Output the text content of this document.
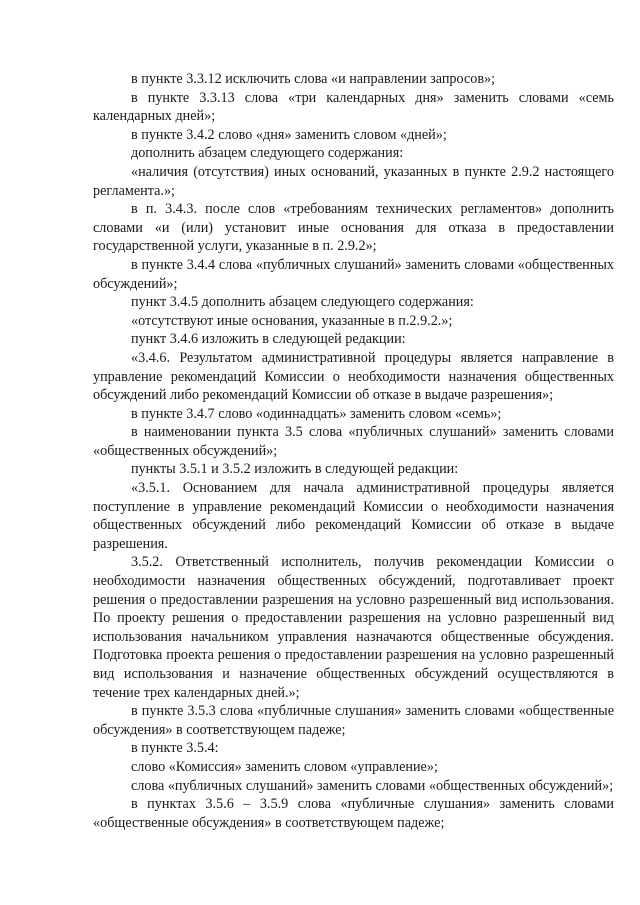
в пункте 3.3.12 исключить слова «и направлении запросов»;

в пункте 3.3.13 слова «три календарных дня» заменить словами «семь календарных дней»;

в пункте 3.4.2 слово «дня» заменить словом «дней»;

дополнить абзацем следующего содержания:

«наличия (отсутствия) иных оснований, указанных в пункте 2.9.2 настоящего регламента.»;

в п. 3.4.3. после слов «требованиям технических регламентов» дополнить словами «и (или) установит иные основания для отказа в предоставлении государственной услуги, указанные в п. 2.9.2»;

в пункте 3.4.4 слова «публичных слушаний» заменить словами «общественных обсуждений»;

пункт 3.4.5 дополнить абзацем следующего содержания:

«отсутствуют иные основания, указанные в п.2.9.2.»;

пункт 3.4.6 изложить в следующей редакции:

«3.4.6. Результатом административной процедуры является направление в управление рекомендаций Комиссии о необходимости назначения общественных обсуждений либо рекомендаций Комиссии об отказе в выдаче разрешения»;

в пункте 3.4.7 слово «одиннадцать» заменить словом «семь»;

в наименовании пункта 3.5 слова «публичных слушаний» заменить словами «общественных обсуждений»;

пункты 3.5.1 и 3.5.2 изложить в следующей редакции:

«3.5.1. Основанием для начала административной процедуры является поступление в управление рекомендаций Комиссии о необходимости назначения общественных обсуждений либо рекомендаций Комиссии об отказе в выдаче разрешения.

3.5.2. Ответственный исполнитель, получив рекомендации Комиссии о необходимости назначения общественных обсуждений, подготавливает проект решения о предоставлении разрешения на условно разрешенный вид использования. По проекту решения о предоставлении разрешения на условно разрешенный вид использования начальником управления назначаются общественные обсуждения. Подготовка проекта решения о предоставлении разрешения на условно разрешенный вид использования и назначение общественных обсуждений осуществляются в течение трех календарных дней.»;

в пункте 3.5.3 слова «публичные слушания» заменить словами «общественные обсуждения» в соответствующем падеже;

в пункте 3.5.4:

слово «Комиссия» заменить словом «управление»;

слова «публичных слушаний» заменить словами «общественных обсуждений»;

в пунктах 3.5.6 – 3.5.9 слова «публичные слушания» заменить словами «общественные обсуждения» в соответствующем падеже;
